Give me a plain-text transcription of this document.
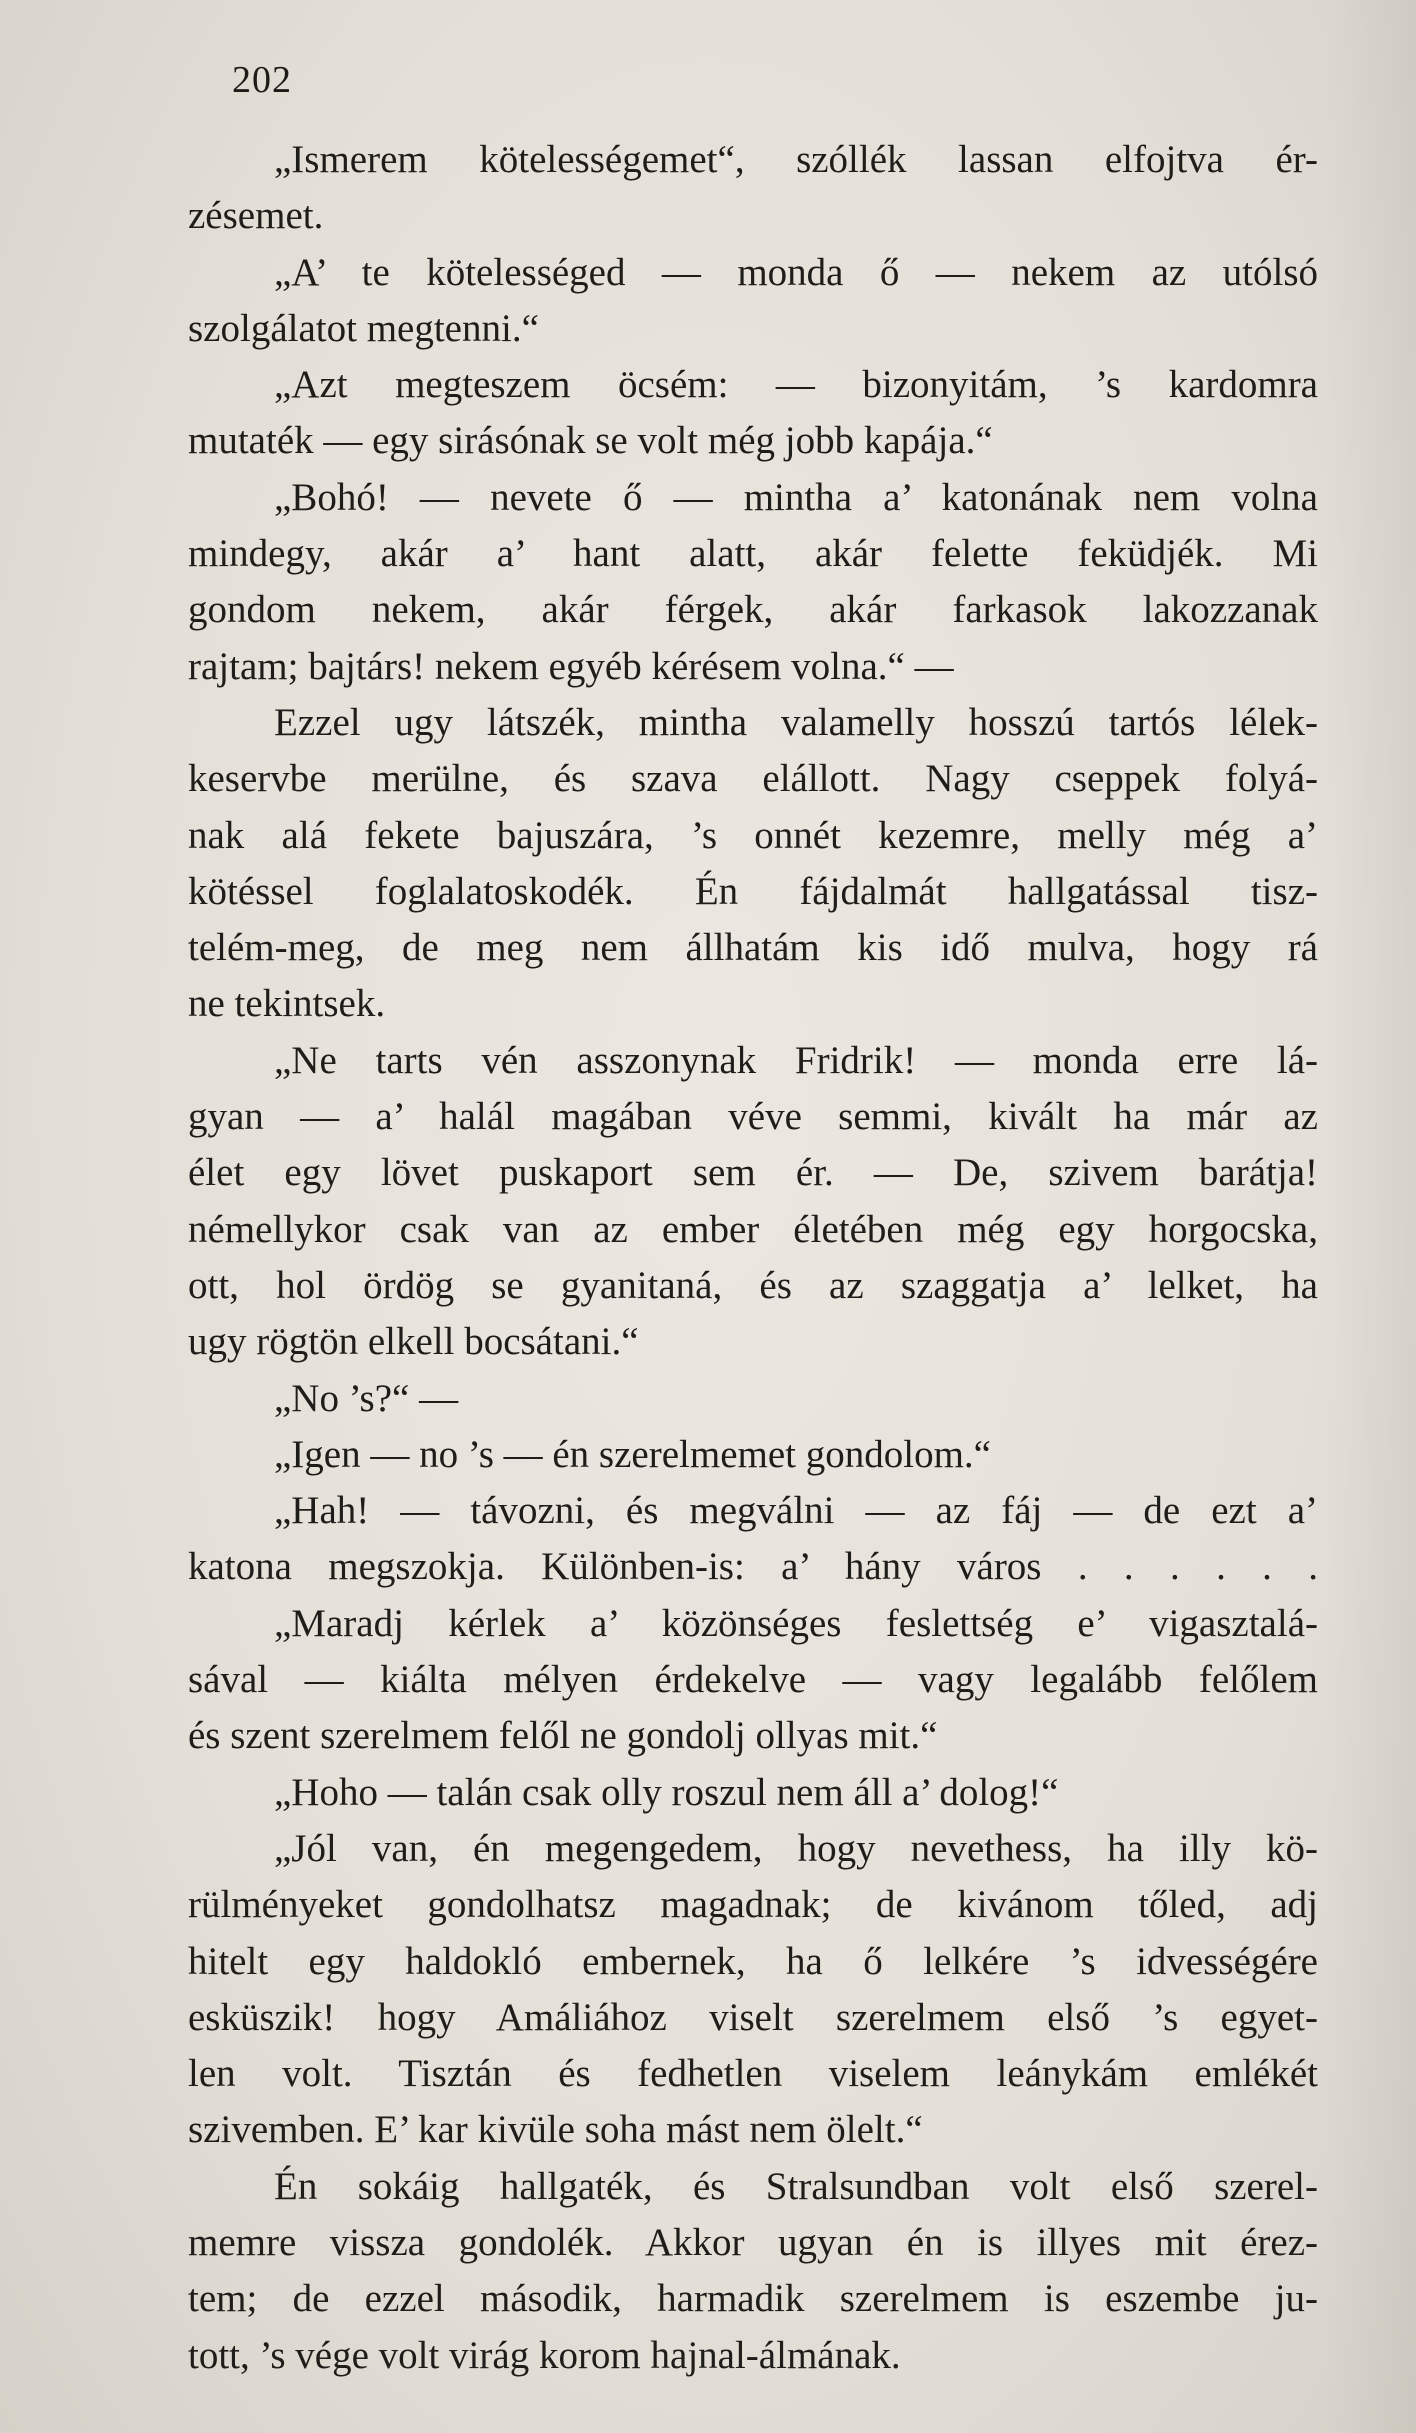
202
„Ismerem kötelességemet“, szóllék lassan elfojtva ér-
zésemet.
„A’ te kötelességed — monda ő — nekem az utólsó
szolgálatot megtenni.“
„Azt megteszem öcsém: — bizonyitám, ’s kardomra
mutaték — egy sirásónak se volt még jobb kapája.“
„Bohó! — nevete ő — mintha a’ katonának nem volna
mindegy, akár a’ hant alatt, akár felette feküdjék. Mi
gondom nekem, akár férgek, akár farkasok lakozzanak
rajtam; bajtárs! nekem egyéb kérésem volna.“ —
Ezzel ugy látszék, mintha valamelly hosszú tartós lélek-
keservbe merülne, és szava elállott. Nagy cseppek folyá-
nak alá fekete bajuszára, ’s onnét kezemre, melly még a’
kötéssel foglalatoskodék. Én fájdalmát hallgatással tisz-
telém-meg, de meg nem állhatám kis idő mulva, hogy rá
ne tekintsek.
„Ne tarts vén asszonynak Fridrik! — monda erre lá-
gyan — a’ halál magában véve semmi, kivált ha már az
élet egy lövet puskaport sem ér. — De, szivem barátja!
némellykor csak van az ember életében még egy horgocska,
ott, hol ördög se gyanitaná, és az szaggatja a’ lelket, ha
ugy rögtön elkell bocsátani.“
„No ’s?“ —
„Igen — no ’s — én szerelmemet gondolom.“
„Hah! — távozni, és megválni — az fáj — de ezt a’
katona megszokja. Különben-is: a’ hány város . . . . . .
„Maradj kérlek a’ közönséges feslettség e’ vigasztalá-
sával — kiálta mélyen érdekelve — vagy legalább felőlem
és szent szerelmem felől ne gondolj ollyas mit.“
„Hoho — talán csak olly roszul nem áll a’ dolog!“
„Jól van, én megengedem, hogy nevethess, ha illy kö-
rülményeket gondolhatsz magadnak; de kivánom tőled, adj
hitelt egy haldokló embernek, ha ő lelkére ’s idvességére
esküszik! hogy Amáliához viselt szerelmem első ’s egyet-
len volt. Tisztán és fedhetlen viselem leánykám emlékét
szivemben. E’ kar kivüle soha mást nem ölelt.“
Én sokáig hallgaték, és Stralsundban volt első szerel-
memre vissza gondolék. Akkor ugyan én is illyes mit érez-
tem; de ezzel második, harmadik szerelmem is eszembe ju-
tott, ’s vége volt virág korom hajnal-álmának.
